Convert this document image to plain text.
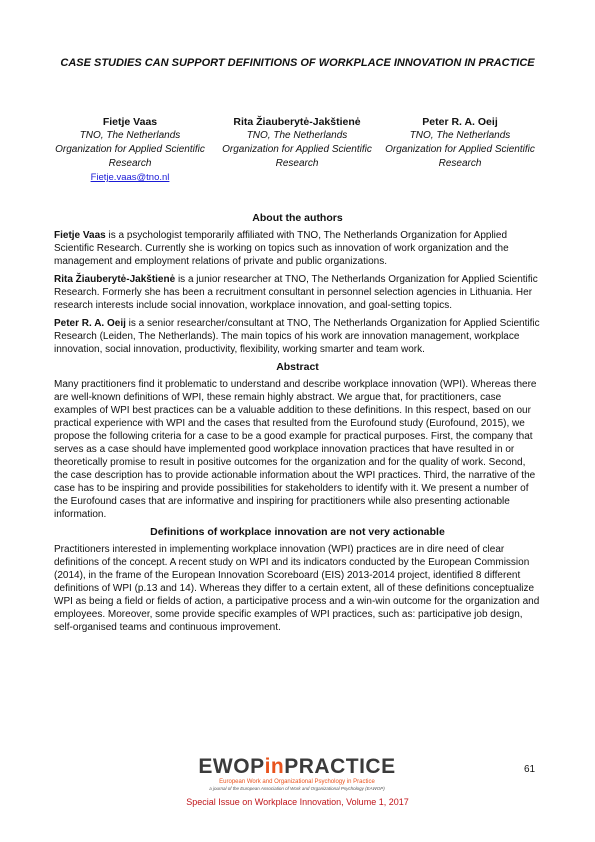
CASE STUDIES CAN SUPPORT DEFINITIONS OF WORKPLACE INNOVATION IN PRACTICE
Fietje Vaas
TNO, The Netherlands Organization for Applied Scientific Research
Fietje.vaas@tno.nl
Rita Žiauberytė-Jakštienė
TNO, The Netherlands Organization for Applied Scientific Research
Peter R. A. Oeij
TNO, The Netherlands Organization for Applied Scientific Research
About the authors

Fietje Vaas is a psychologist temporarily affiliated with TNO, The Netherlands Organization for Applied Scientific Research. Currently she is working on topics such as innovation of work organization and the management and employment relations of private and public organizations.

Rita Žiauberytė-Jakštienė is a junior researcher at TNO, The Netherlands Organization for Applied Scientific Research. Formerly she has been a recruitment consultant in personnel selection agencies in Lithuania. Her research interests include social innovation, workplace innovation, and goal-setting topics.

Peter R. A. Oeij is a senior researcher/consultant at TNO, The Netherlands Organization for Applied Scientific Research (Leiden, The Netherlands). The main topics of his work are innovation management, workplace innovation, social innovation, productivity, flexibility, working smarter and team work.

Abstract

Many practitioners find it problematic to understand and describe workplace innovation (WPI). Whereas there are well-known definitions of WPI, these remain highly abstract. We argue that, for practitioners, case examples of WPI best practices can be a valuable addition to these definitions. In this respect, based on our practical experience with WPI and the cases that resulted from the Eurofound study (Eurofound, 2015), we propose the following criteria for a case to be a good example for practical purposes. First, the company that serves as a case should have implemented good workplace innovation practices that have resulted in or theoretically promise to result in positive outcomes for the organization and for the quality of work. Second, the case description has to provide actionable information about the WPI practices. Third, the narrative of the case has to be inspiring and provide possibilities for stakeholders to identify with it. We present a number of the Eurofound cases that are informative and inspiring for practitioners while also presenting actionable information.

Definitions of workplace innovation are not very actionable

Practitioners interested in implementing workplace innovation (WPI) practices are in dire need of clear definitions of the concept. A recent study on WPI and its indicators conducted by the European Commission (2014), in the frame of the European Innovation Scoreboard (EIS) 2013-2014 project, identified 8 different definitions of WPI (p.13 and 14). Whereas they differ to a certain extent, all of these definitions conceptualize WPI as being a field or fields of action, a participative process and a win-win outcome for the organization and employees. Moreover, some provide specific examples of WPI practices, such as: participative job design, self-organised teams and continuous improvement.

EWOPinPRACTICE
European Work and Organizational Psychology in Practice
a journal of the European Association of Work and Organizational Psychology (EAWOP)
61
Special Issue on Workplace Innovation, Volume 1, 2017
